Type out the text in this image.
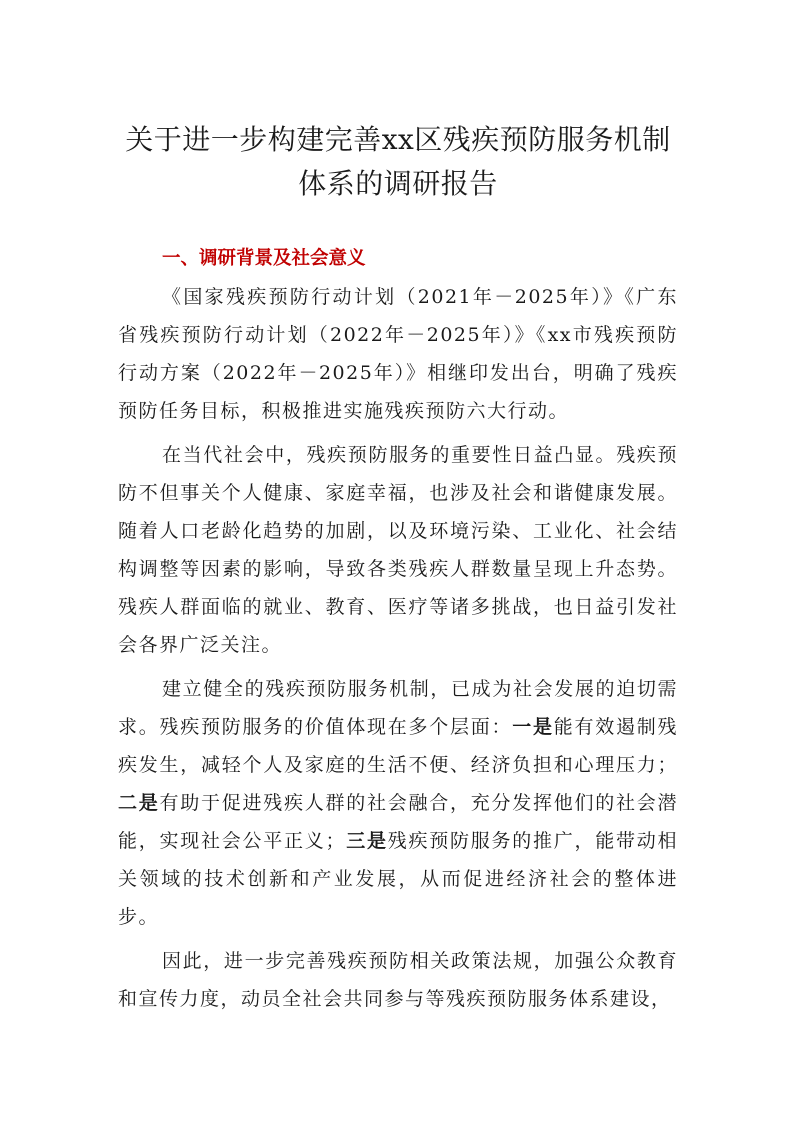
关于进一步构建完善xx区残疾预防服务机制
体系的调研报告
一、调研背景及社会意义

《国家残疾预防行动计划（2021年－2025年）》《广东省残疾预防行动计划（2022年－2025年）》《xx市残疾预防行动方案（2022年－2025年）》相继印发出台，明确了残疾预防任务目标，积极推进实施残疾预防六大行动。

在当代社会中，残疾预防服务的重要性日益凸显。残疾预防不但事关个人健康、家庭幸福，也涉及社会和谐健康发展。随着人口老龄化趋势的加剧，以及环境污染、工业化、社会结构调整等因素的影响，导致各类残疾人群数量呈现上升态势。残疾人群面临的就业、教育、医疗等诸多挑战，也日益引发社会各界广泛关注。

建立健全的残疾预防服务机制，已成为社会发展的迫切需求。残疾预防服务的价值体现在多个层面：一是能有效遏制残疾发生，减轻个人及家庭的生活不便、经济负担和心理压力；二是有助于促进残疾人群的社会融合，充分发挥他们的社会潜能，实现社会公平正义；三是残疾预防服务的推广，能带动相关领域的技术创新和产业发展，从而促进经济社会的整体进步。

因此，进一步完善残疾预防相关政策法规，加强公众教育和宣传力度，动员全社会共同参与等残疾预防服务体系建设，
